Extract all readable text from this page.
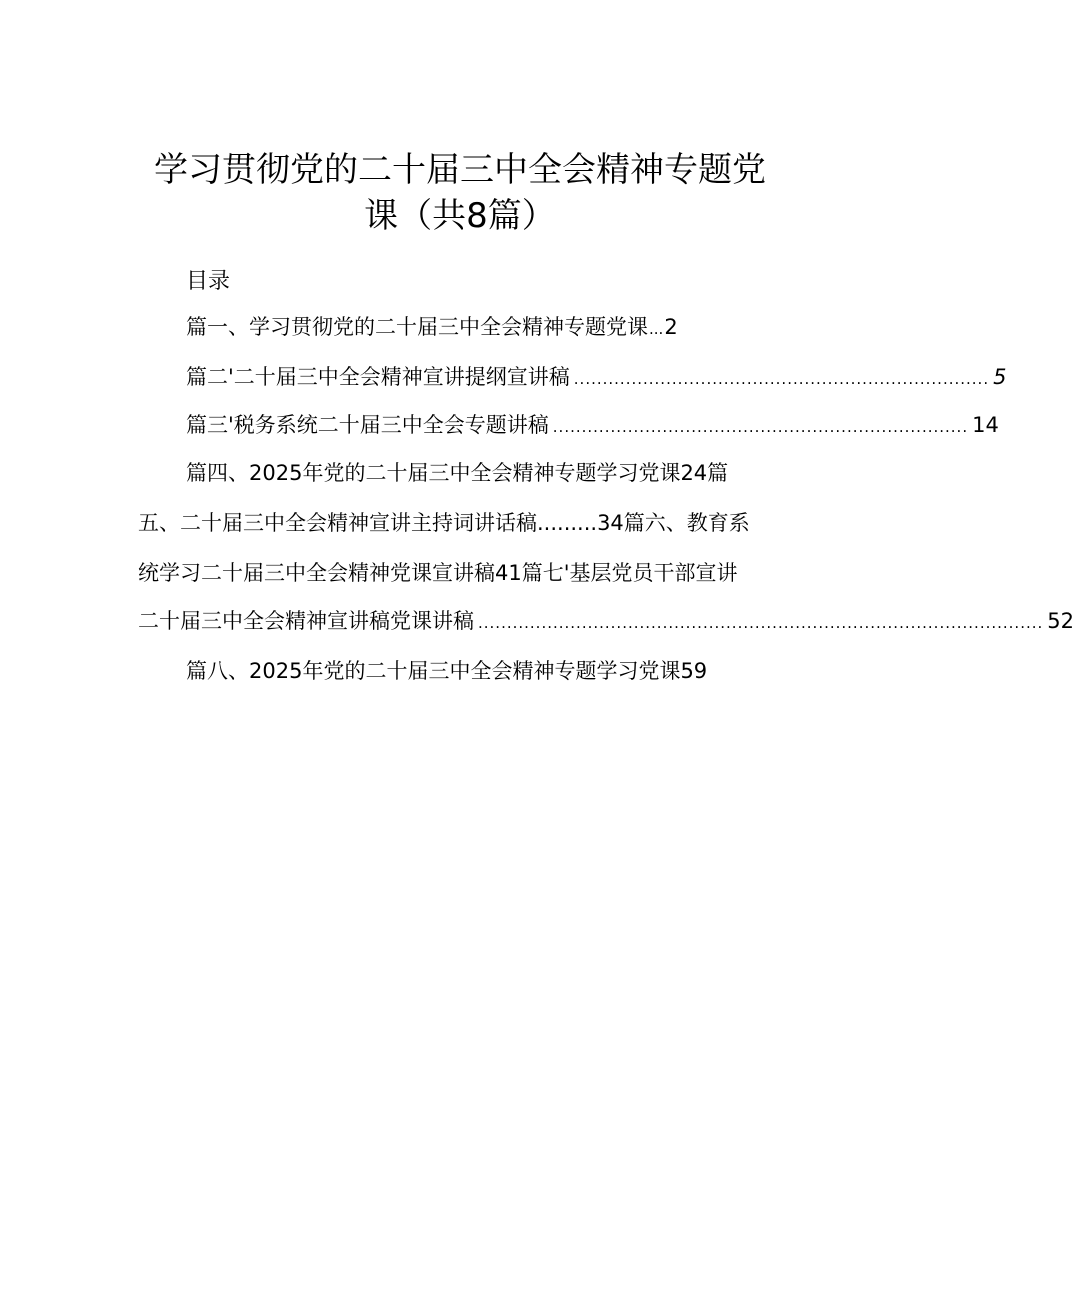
学习贯彻党的二十届三中全会精神专题党
课（共8篇）
目录
篇一、学习贯彻党的二十届三中全会精神专题党课 ... 2
篇二'二十届三中全会精神宣讲提纲宣讲稿 ........................................................................ 5
篇三'税务系统二十届三中全会专题讲稿 ........................................................................ 14
篇四、2025年党的二十届三中全会精神专题学习党课24篇
五、二十届三中全会精神宣讲主持词讲话稿.........34篇六、教育系
统学习二十届三中全会精神党课宣讲稿41篇七'基层党员干部宣讲
二十届三中全会精神宣讲稿党课讲稿 .................................................................................................. 52
篇八、2025年党的二十届三中全会精神专题学习党课59
